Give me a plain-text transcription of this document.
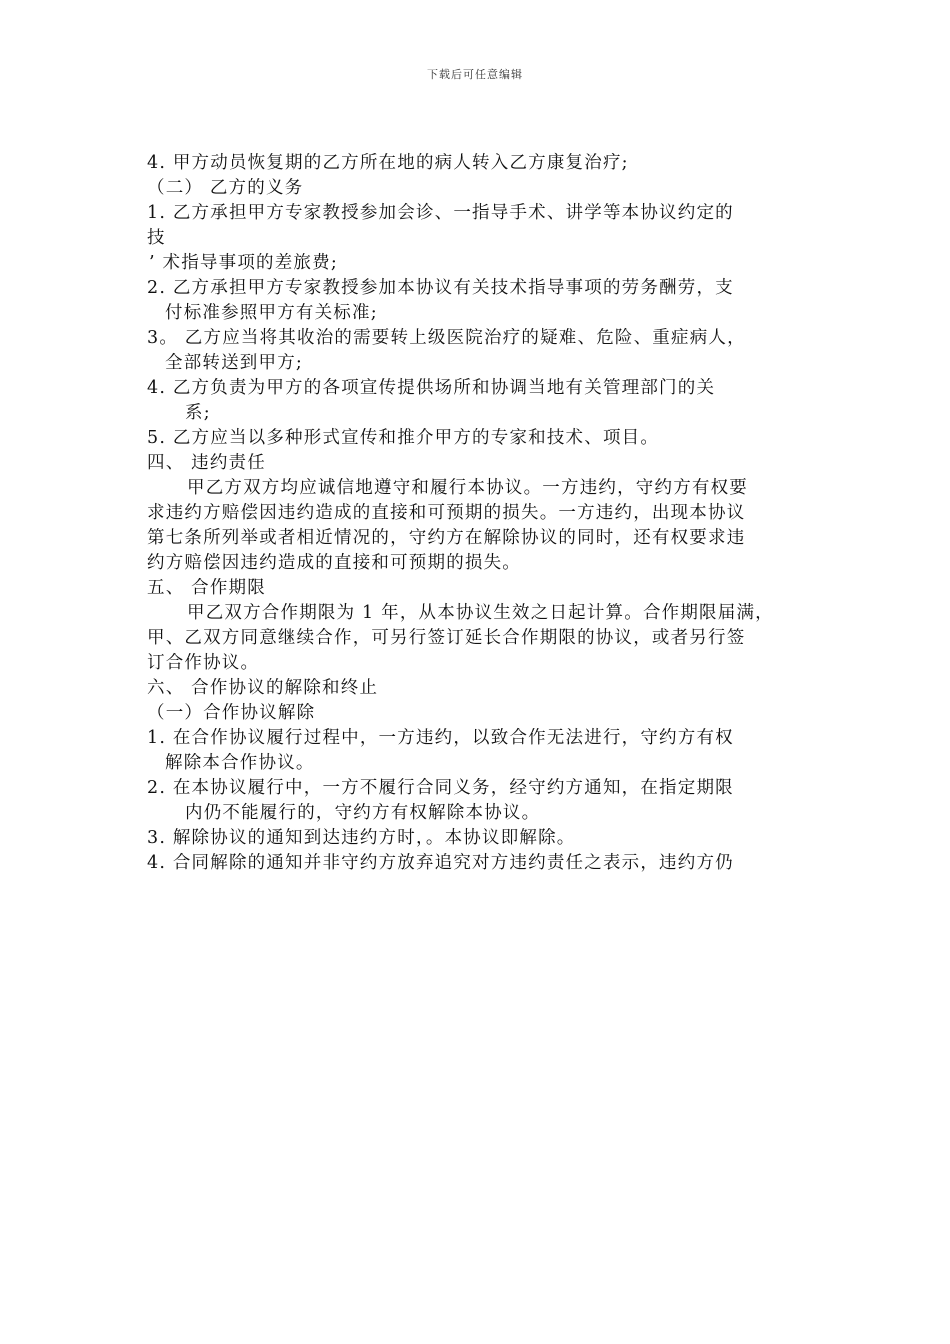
下载后可任意编辑
4. 甲方动员恢复期的乙方所在地的病人转入乙方康复治疗;
（二） 乙方的义务
1. 乙方承担甲方专家教授参加会诊、一指导手术、讲学等本协议约定的
技
’ 术指导事项的差旅费;
2. 乙方承担甲方专家教授参加本协议有关技术指导事项的劳务酬劳，支
付标准参照甲方有关标准;
3。 乙方应当将其收治的需要转上级医院治疗的疑难、危险、重症病人，
全部转送到甲方;
4. 乙方负责为甲方的各项宣传提供场所和协调当地有关管理部门的关
系;
5. 乙方应当以多种形式宣传和推介甲方的专家和技术、项目。
四、 违约责任
甲乙方双方均应诚信地遵守和履行本协议。一方违约，守约方有权要
求违约方赔偿因违约造成的直接和可预期的损失。一方违约，出现本协议
第七条所列举或者相近情况的，守约方在解除协议的同时，还有权要求违
约方赔偿因违约造成的直接和可预期的损失。
五、 合作期限
甲乙双方合作期限为 1 年，从本协议生效之日起计算。合作期限届满，
甲、乙双方同意继续合作，可另行签订延长合作期限的协议，或者另行签
订合作协议。
六、 合作协议的解除和终止
（一）合作协议解除
1. 在合作协议履行过程中，一方违约，以致合作无法进行，守约方有权
解除本合作协议。
2. 在本协议履行中，一方不履行合同义务，经守约方通知，在指定期限
内仍不能履行的，守约方有权解除本协议。
3. 解除协议的通知到达违约方时，。本协议即解除。
4. 合同解除的通知并非守约方放弃追究对方违约责任之表示，违约方仍
